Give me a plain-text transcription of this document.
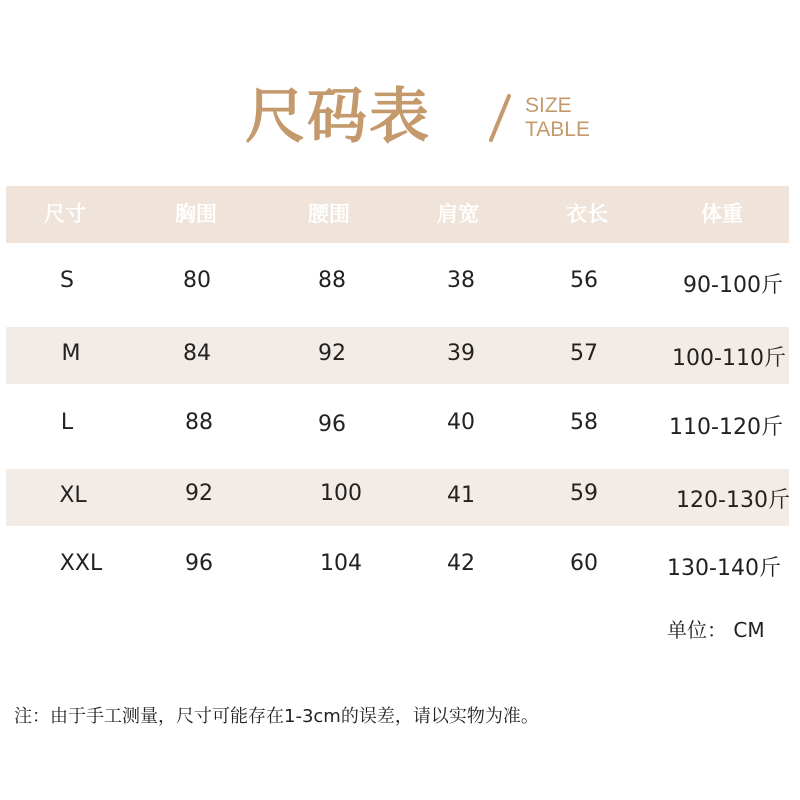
尺码表	SIZE
TABLE
尺寸	胸围	腰围	肩宽	衣长	体重
S	80	88	38	56	90-100斤
M	84	92	39	57	100-110斤
L	88	96	40	58	110-120斤
XL	92	100	41	59	120-130斤
XXL	96	104	42	60	130-140斤
单位： CM
注：由于手工测量，尺寸可能存在1-3cm的误差，请以实物为准。
